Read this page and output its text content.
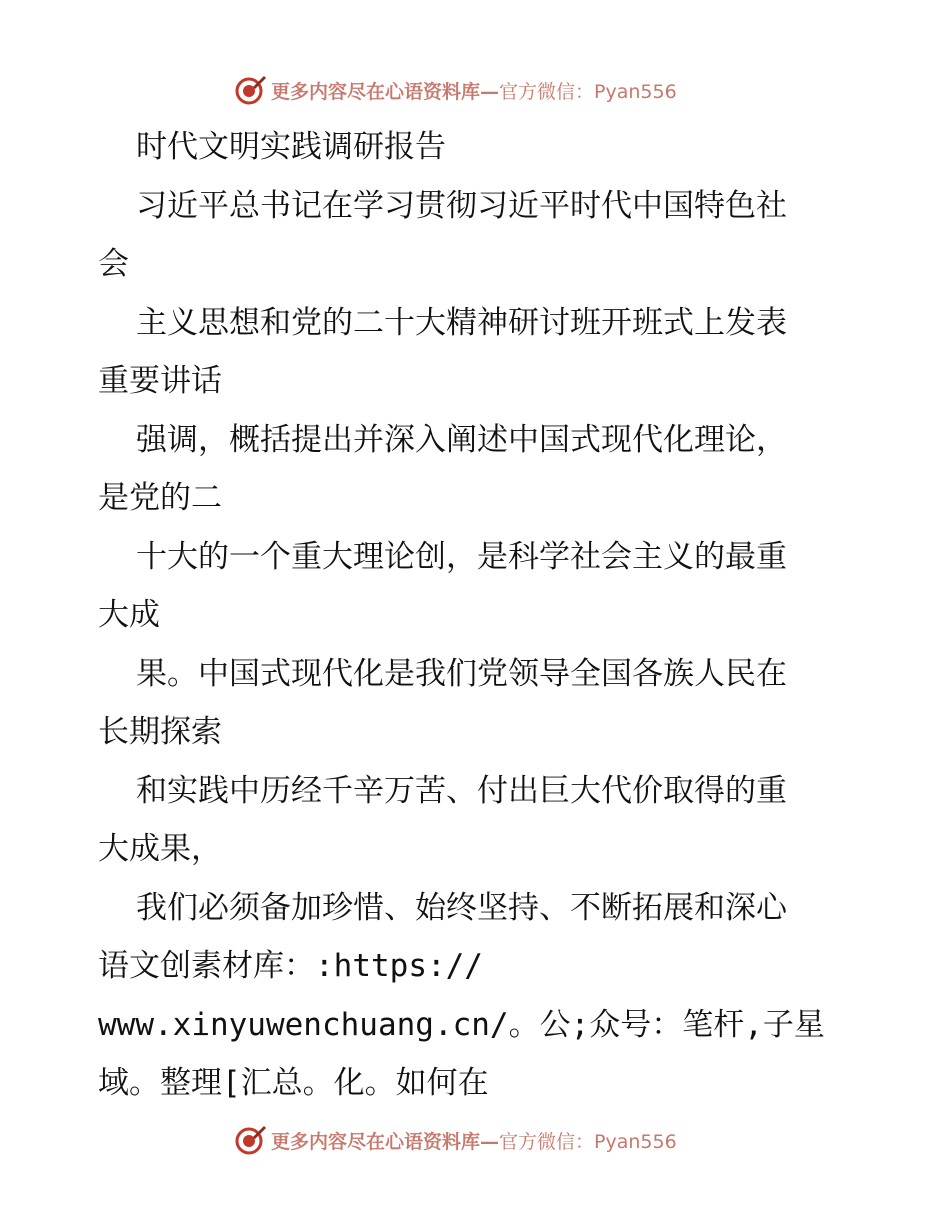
更多内容尽在心语资料库—官方微信：Pyan556
时代文明实践调研报告
习近平总书记在学习贯彻习近平时代中国特色社
会
主义思想和党的二十大精神研讨班开班式上发表
重要讲话
强调，概括提出并深入阐述中国式现代化理论，
是党的二
十大的一个重大理论创，是科学社会主义的最重
大成
果。中国式现代化是我们党领导全国各族人民在
长期探索
和实践中历经千辛万苦、付出巨大代价取得的重
大成果，
我们必须备加珍惜、始终坚持、不断拓展和深心
语文创素材库：:https://
www.xinyuwenchuang.cn/。公;众号：笔杆,子星
域。整理[汇总。化。如何在
更多内容尽在心语资料库—官方微信：Pyan556
